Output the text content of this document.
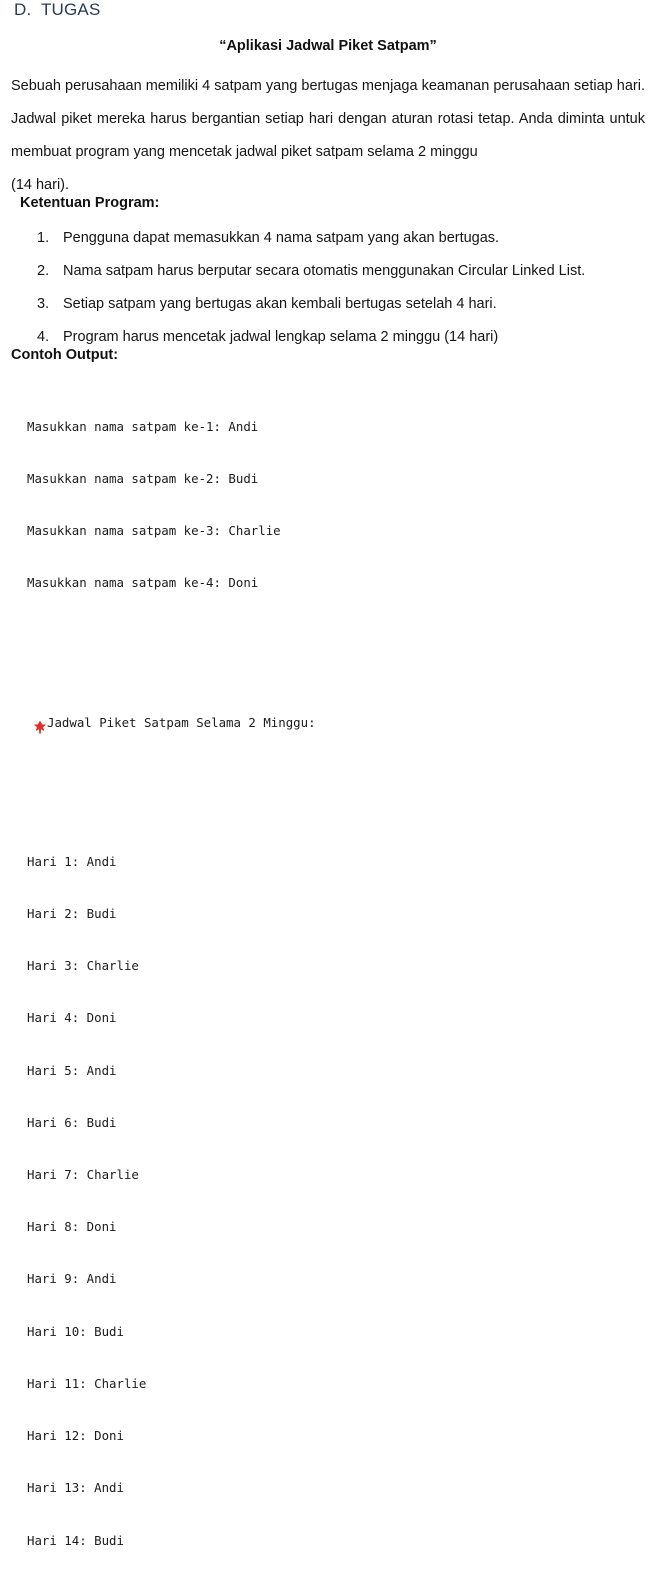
D. TUGAS
“Aplikasi Jadwal Piket Satpam”
Sebuah perusahaan memiliki 4 satpam yang bertugas menjaga keamanan perusahaan setiap hari. Jadwal piket mereka harus bergantian setiap hari dengan aturan rotasi tetap. Anda diminta untuk membuat program yang mencetak jadwal piket satpam selama 2 minggu
(14 hari).
Ketentuan Program:
1. Pengguna dapat memasukkan 4 nama satpam yang akan bertugas.
2. Nama satpam harus berputar secara otomatis menggunakan Circular Linked List.
3. Setiap satpam yang bertugas akan kembali bertugas setelah 4 hari.
4. Program harus mencetak jadwal lengkap selama 2 minggu (14 hari)
Contoh Output:

Masukkan nama satpam ke-1: Andi

Masukkan nama satpam ke-2: Budi

Masukkan nama satpam ke-3: Charlie

Masukkan nama satpam ke-4: Doni

Jadwal Piket Satpam Selama 2 Minggu:

Hari 1: Andi

Hari 2: Budi

Hari 3: Charlie

Hari 4: Doni

Hari 5: Andi

Hari 6: Budi

Hari 7: Charlie

Hari 8: Doni

Hari 9: Andi

Hari 10: Budi

Hari 11: Charlie

Hari 12: Doni

Hari 13: Andi

Hari 14: Budi
